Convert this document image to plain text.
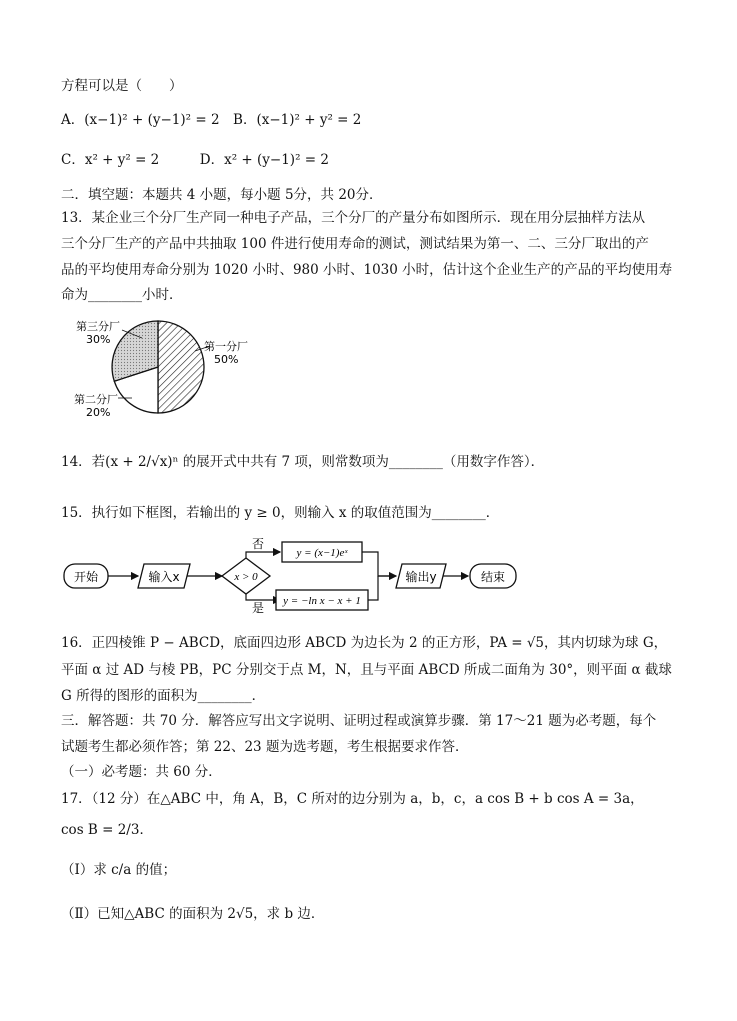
方程可以是（　　）
A．(x−1)² + (y−1)² = 2　B．(x−1)² + y² = 2
C．x² + y² = 2　　　D．x² + (y−1)² = 2
二．填空题：本题共 4 小题，每小题 5分，共 20分．
13．某企业三个分厂生产同一种电子产品，三个分厂的产量分布如图所示．现在用分层抽样方法从
三个分厂生产的产品中共抽取 100 件进行使用寿命的测试，测试结果为第一、二、三分厂取出的产
品的平均使用寿命分别为 1020 小时、980 小时、1030 小时，估计这个企业生产的产品的平均使用寿
命为________小时．
第三分厂
30%
第一分厂
50%
第二分厂
20%
14．若(x + 2/√x)ⁿ 的展开式中共有 7 项，则常数项为________（用数字作答）．
15．执行如下框图，若输出的 y ≥ 0，则输入 x 的取值范围为________．
开始	输入x	x > 0
否
是
y = (x−1)eˣ
y = −ln x − x + 1
输出y	结束
16．正四棱锥 P − ABCD，底面四边形 ABCD 为边长为 2 的正方形，PA = √5，其内切球为球 G，
平面 α 过 AD 与棱 PB，PC 分别交于点 M，N，且与平面 ABCD 所成二面角为 30°，则平面 α 截球
G 所得的图形的面积为________．
三．解答题：共 70 分．解答应写出文字说明、证明过程或演算步骤．第 17～21 题为必考题，每个
试题考生都必须作答；第 22、23 题为选考题，考生根据要求作答．
（一）必考题：共 60 分．
17．（12 分）在△ABC 中，角 A，B，C 所对的边分别为 a，b，c，a cos B + b cos A = 3a，
cos B = 2/3．
（Ⅰ）求 c/a 的值；
（Ⅱ）已知△ABC 的面积为 2√5，求 b 边．
